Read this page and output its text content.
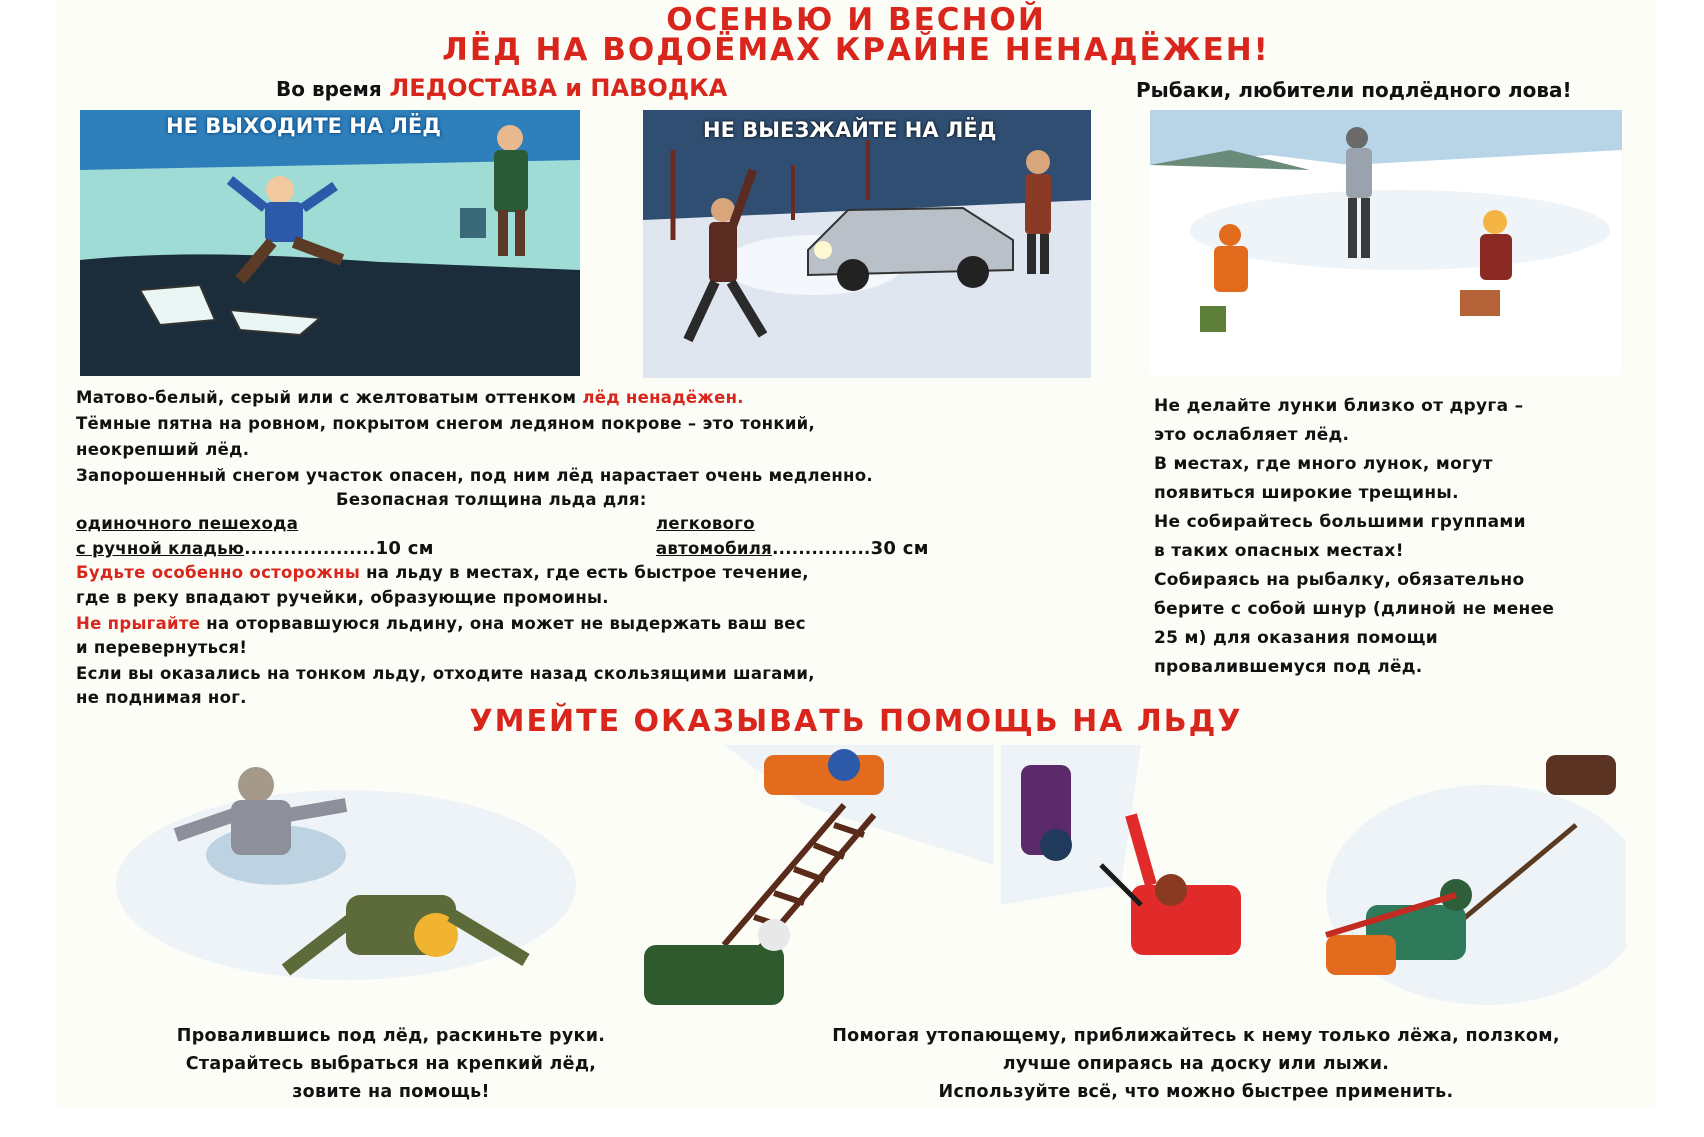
ОСЕНЬЮ И ВЕСНОЙ

ЛЁД НА ВОДОЁМАХ КРАЙНЕ НЕНАДЁЖЕН!

Во время ЛЕДОСТАВА и ПАВОДКА	Рыбаки, любители подлёдного лова!

НЕ ВЫХОДИТЕ НА ЛЁД	НЕ ВЫЕЗЖАЙТЕ НА ЛЁД

Матово-белый, серый или с желтоватым оттенком лёд ненадёжен.

Тёмные пятна на ровном, покрытом снегом ледяном покрове – это тонкий,

неокрепший лёд.

Запорошенный снегом участок опасен, под ним лёд нарастает очень медленно.

Безопасная толщина льда для:

одиночного пешехода

с ручной кладью....................10 см

легкового

автомобиля...............30 см

Будьте особенно осторожны на льду в местах, где есть быстрое течение,

где в реку впадают ручейки, образующие промоины.

Не прыгайте на оторвавшуюся льдину, она может не выдержать ваш вес

и перевернуться!

Если вы оказались на тонком льду, отходите назад скользящими шагами,

не поднимая ног.

Не делайте лунки близко от друга –
это ослабляет лёд.
В местах, где много лунок, могут
появиться широкие трещины.
Не собирайтесь большими группами
в таких опасных местах!
Собираясь на рыбалку, обязательно
берите с собой шнур (длиной не менее
25 м) для оказания помощи
провалившемуся под лёд.

УМЕЙТЕ ОКАЗЫВАТЬ ПОМОЩЬ НА ЛЬДУ

Провалившись под лёд, раскиньте руки.
Старайтесь выбраться на крепкий лёд,
зовите на помощь!
Помогая утопающему, приближайтесь к нему только лёжа, ползком,
лучше опираясь на доску или лыжи.
Используйте всё, что можно быстрее применить.
